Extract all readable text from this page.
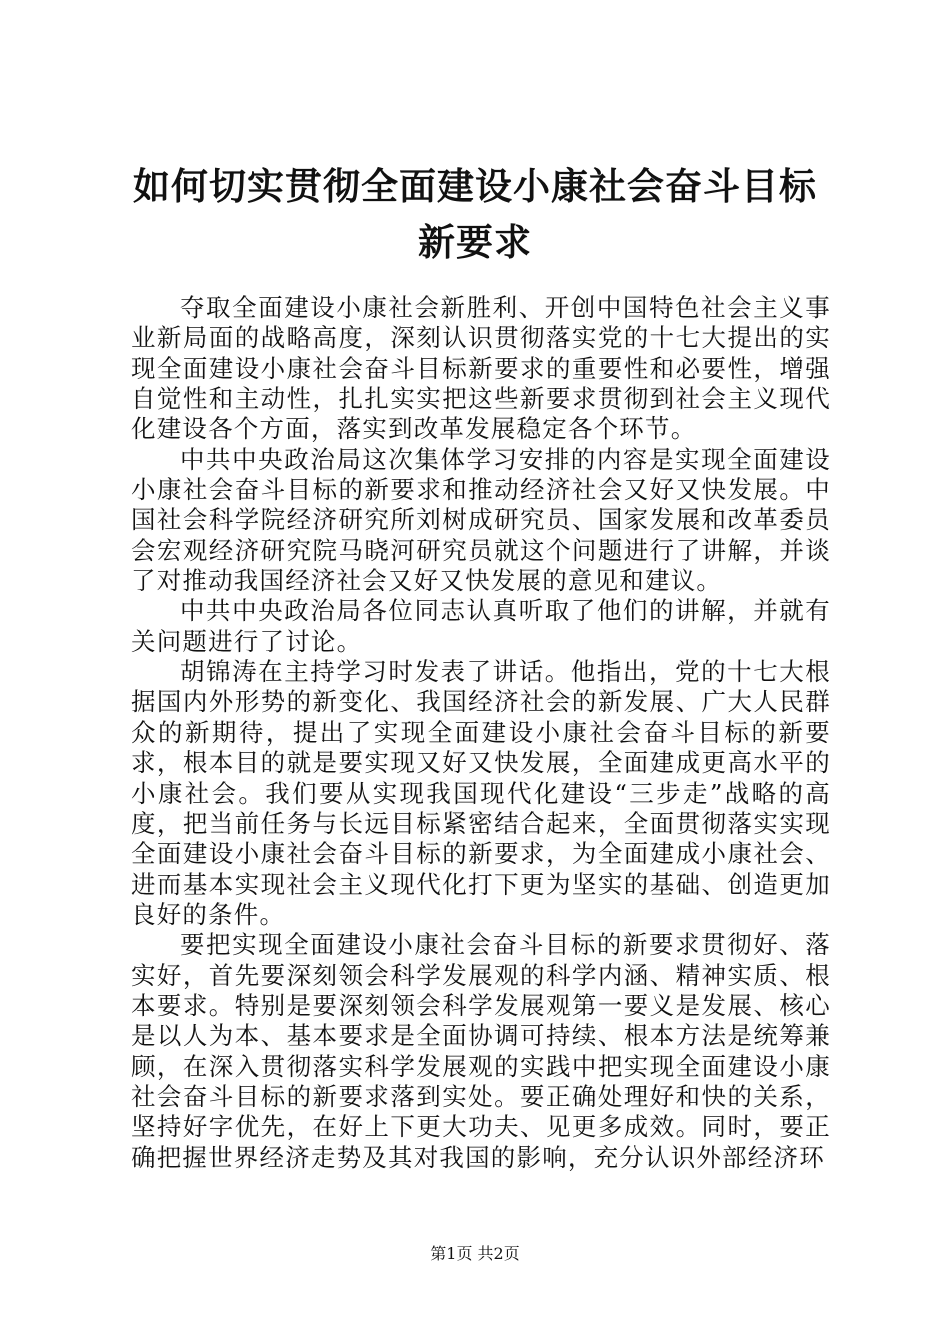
如何切实贯彻全面建设小康社会奋斗目标新要求

夺取全面建设小康社会新胜利、开创中国特色社会主义事业新局面的战略高度，深刻认识贯彻落实党的十七大提出的实现全面建设小康社会奋斗目标新要求的重要性和必要性，增强自觉性和主动性，扎扎实实把这些新要求贯彻到社会主义现代化建设各个方面，落实到改革发展稳定各个环节。

中共中央政治局这次集体学习安排的内容是实现全面建设小康社会奋斗目标的新要求和推动经济社会又好又快发展。中国社会科学院经济研究所刘树成研究员、国家发展和改革委员会宏观经济研究院马晓河研究员就这个问题进行了讲解，并谈了对推动我国经济社会又好又快发展的意见和建议。

中共中央政治局各位同志认真听取了他们的讲解，并就有关问题进行了讨论。

胡锦涛在主持学习时发表了讲话。他指出，党的十七大根据国内外形势的新变化、我国经济社会的新发展、广大人民群众的新期待，提出了实现全面建设小康社会奋斗目标的新要求，根本目的就是要实现又好又快发展，全面建成更高水平的小康社会。我们要从实现我国现代化建设“三步走”战略的高度，把当前任务与长远目标紧密结合起来，全面贯彻落实实现全面建设小康社会奋斗目标的新要求，为全面建成小康社会、进而基本实现社会主义现代化打下更为坚实的基础、创造更加良好的条件。

要把实现全面建设小康社会奋斗目标的新要求贯彻好、落实好，首先要深刻领会科学发展观的科学内涵、精神实质、根本要求。特别是要深刻领会科学发展观第一要义是发展、核心是以人为本、基本要求是全面协调可持续、根本方法是统筹兼顾，在深入贯彻落实科学发展观的实践中把实现全面建设小康社会奋斗目标的新要求落到实处。要正确处理好和快的关系，坚持好字优先，在好上下更大功夫、见更多成效。同时，要正确把握世界经济走势及其对我国的影响，充分认识外部经济环

第1页 共2页
